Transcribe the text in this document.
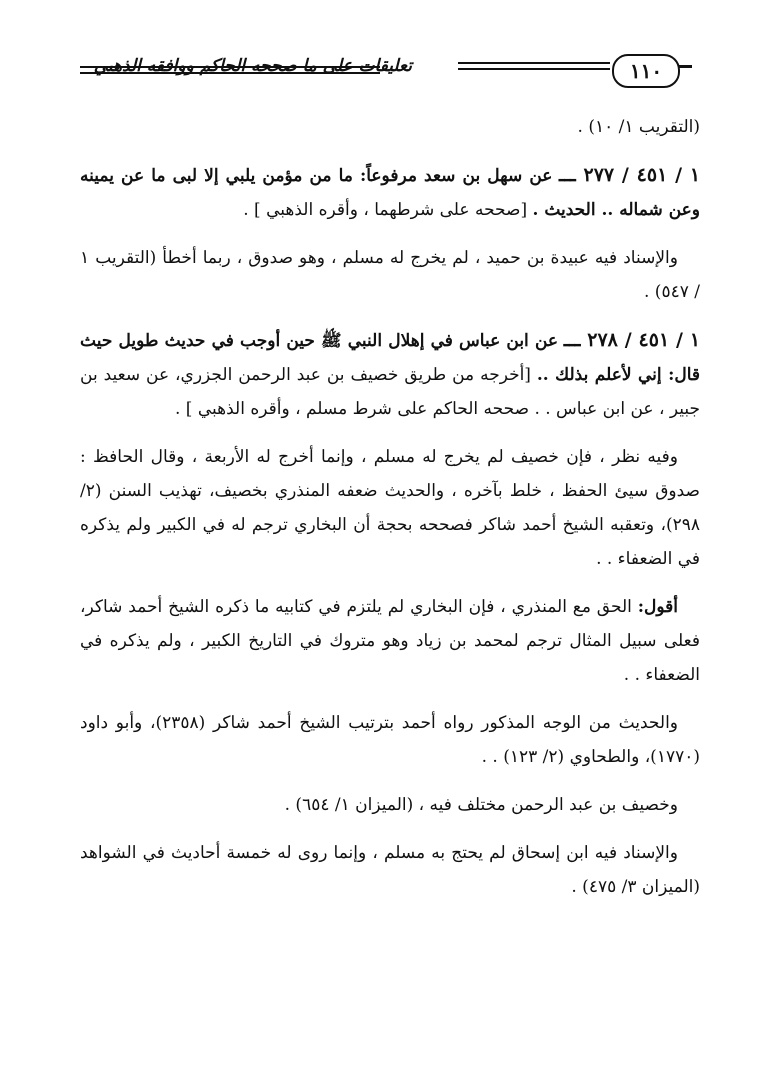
تعليقات على ما صححه الحاكم ووافقه الذهبي	١١٠

(التقريب ١/ ١٠) .

١ / ٤٥١ / ٢٧٧ ـــ عن سهل بن سعد مرفوعاً: ما من مؤمن يلبي إلا لبى ما عن يمينه وعن شماله .. الحديث . [صححه على شرطهما ، وأقره الذهبي ] .

والإسناد فيه عبيدة بن حميد ، لم يخرج له مسلم ، وهو صدوق ، ربما أخطأ (التقريب ١ / ٥٤٧) .

١ / ٤٥١ / ٢٧٨ ـــ عن ابن عباس في إهلال النبي ﷺ حين أوجب في حديث طويل حيث قال: إني لأعلم بذلك .. [أخرجه من طريق خصيف بن عبد الرحمن الجزري، عن سعيد بن جبير ، عن ابن عباس . . صححه الحاكم على شرط مسلم ، وأقره الذهبي ] .

وفيه نظر ، فإن خصيف لم يخرج له مسلم ، وإنما أخرج له الأربعة ، وقال الحافظ : صدوق سيئ الحفظ ، خلط بآخره ، والحديث ضعفه المنذري بخصيف، تهذيب السنن (٢/ ٢٩٨)، وتعقبه الشيخ أحمد شاكر فصححه بحجة أن البخاري ترجم له في الكبير ولم يذكره في الضعفاء . .

أقول: الحق مع المنذري ، فإن البخاري لم يلتزم في كتابيه ما ذكره الشيخ أحمد شاكر، فعلى سبيل المثال ترجم لمحمد بن زياد وهو متروك في التاريخ الكبير ، ولم يذكره في الضعفاء . .

والحديث من الوجه المذكور رواه أحمد بترتيب الشيخ أحمد شاكر (٢٣٥٨)، وأبو داود (١٧٧٠)، والطحاوي (٢/ ١٢٣) . .

وخصيف بن عبد الرحمن مختلف فيه ، (الميزان ١/ ٦٥٤) .

والإسناد فيه ابن إسحاق لم يحتج به مسلم ، وإنما روى له خمسة أحاديث في الشواهد (الميزان ٣/ ٤٧٥) .
